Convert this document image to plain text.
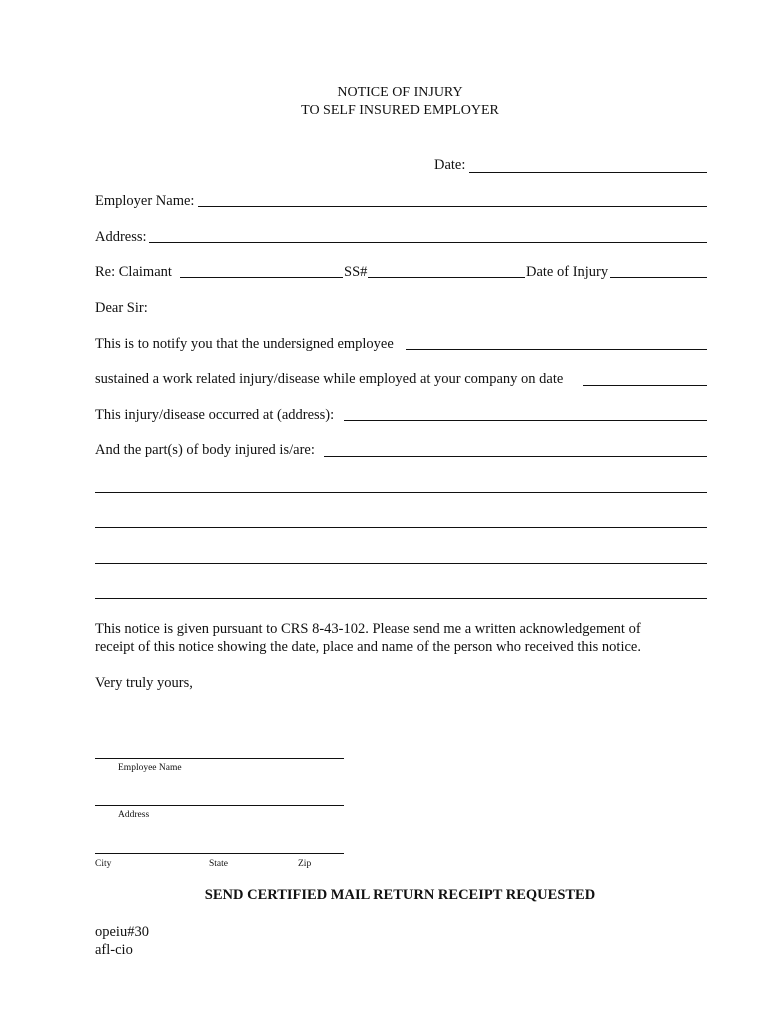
NOTICE OF INJURY
TO SELF INSURED EMPLOYER
Date:
Employer Name:
Address:
Re: Claimant	SS#	Date of Injury
Dear Sir:
This is to notify you that the undersigned employee
sustained a work related injury/disease while employed at your company on date
This injury/disease occurred at (address):
And the part(s) of body injured is/are:
This notice is given pursuant to CRS 8-43-102. Please send me a written acknowledgement of
receipt of this notice showing the date, place and name of the person who received this notice.
Very truly yours,
Employee Name
Address
City	State	Zip
SEND CERTIFIED MAIL RETURN RECEIPT REQUESTED
opeiu#30
afl-cio
